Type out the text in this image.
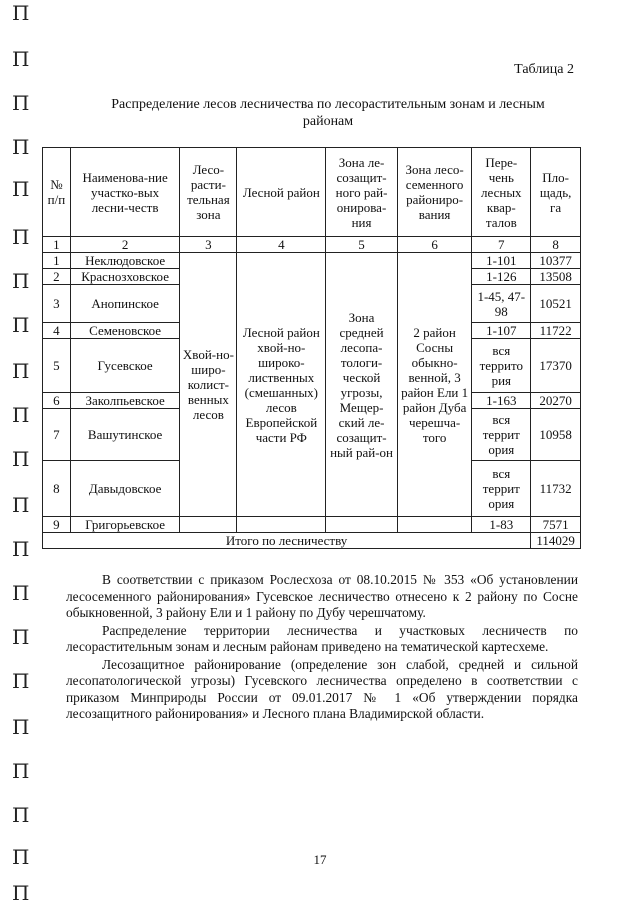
П
П
П
П
П
П
П
П
П
П
П
П
П
П
П
П
П
П
П
П
П
Таблица 2
Распределение лесов лесничества по лесорастительным зонам и лесным районам
№ п/п	Наименова-ние участко-вых лесни-честв	Лесо-расти-тельная зона	Лесной район	Зона ле-созащит-ного рай-онирова-ния	Зона лесо-семенного райониро-вания	Пере-чень лесных квар-талов	Пло-щадь, га
1	2	3	4	5	6	7	8
1	Неклюдовское	Хвой-но-широ-колист-венных лесов	Лесной район хвой-но-широко-лиственных (смешанных) лесов Европейской части РФ	Зона средней лесопа-тологи-ческой угрозы, Мещер-ский ле-созащит-ный рай-он	2 район Сосны обыкно-венной, 3 район Ели 1 район Дуба черешча-того	1-101	10377
2	Краснозховское					1-126	13508
3	Анопинское					1-45, 47-98	10521
4	Семеновское					1-107	11722
5	Гусевское					вся террито рия	17370
6	Заколпьевское					1-163	20270
7	Вашутинское					вся террит ория	10958
8	Давыдовское					вся террит ория	11732
9	Григорьевское					1-83	7571
Итого по лесничеству							114029

В соответствии с приказом Рослесхоза от 08.10.2015 № 353 «Об установлении лесосеменного районирования» Гусевское лесничество отнесено к 2 району по Сосне обыкновенной, 3 району Ели и 1 району по Дубу черешчатому.

Распределение территории лесничества и участковых лесничеств по лесорастительным зонам и лесным районам приведено на тематической картесхеме.

Лесозащитное районирование (определение зон слабой, средней и сильной лесопатологической угрозы) Гусевского лесничества определено в соответствии с приказом Минприроды России от 09.01.2017 № 1 «Об утверждении порядка лесозащитного районирования» и Лесного плана Владимирской области.

17
